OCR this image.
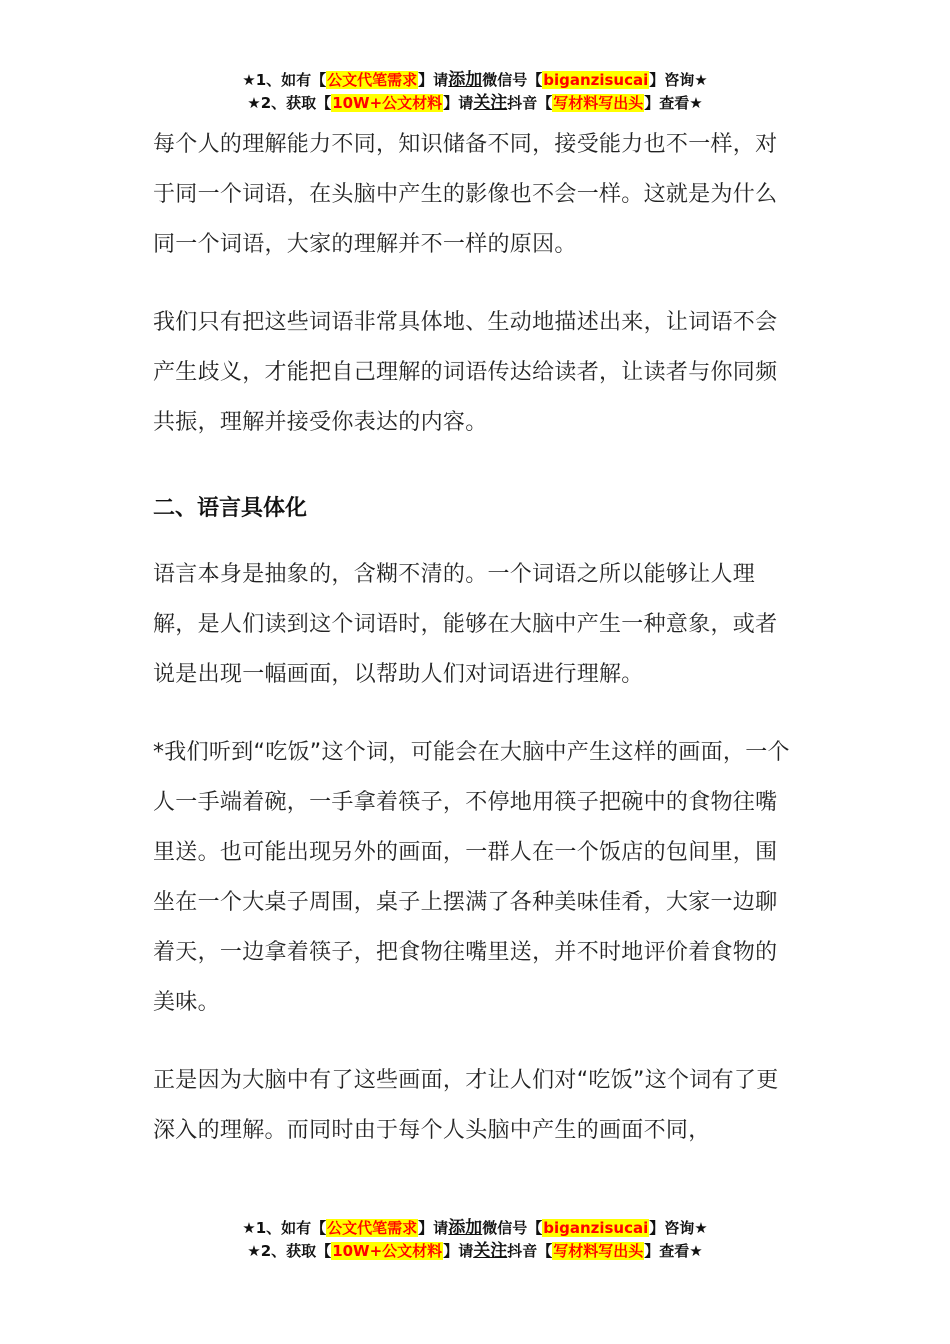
★1、如有【公文代笔需求】请添加微信号【biganzisucai】咨询★
★2、获取【10W+公文材料】请关注抖音【写材料写出头】查看★

每个人的理解能力不同，知识储备不同，接受能力也不一样，对于同一个词语，在头脑中产生的影像也不会一样。这就是为什么同一个词语，大家的理解并不一样的原因。

我们只有把这些词语非常具体地、生动地描述出来，让词语不会产生歧义，才能把自己理解的词语传达给读者，让读者与你同频共振，理解并接受你表达的内容。

二、语言具体化

语言本身是抽象的，含糊不清的。一个词语之所以能够让人理解，是人们读到这个词语时，能够在大脑中产生一种意象，或者说是出现一幅画面，以帮助人们对词语进行理解。

*我们听到“吃饭”这个词，可能会在大脑中产生这样的画面，一个人一手端着碗，一手拿着筷子，不停地用筷子把碗中的食物往嘴里送。也可能出现另外的画面，一群人在一个饭店的包间里，围坐在一个大桌子周围，桌子上摆满了各种美味佳肴，大家一边聊着天，一边拿着筷子，把食物往嘴里送，并不时地评价着食物的美味。

正是因为大脑中有了这些画面，才让人们对“吃饭”这个词有了更深入的理解。而同时由于每个人头脑中产生的画面不同，

★1、如有【公文代笔需求】请添加微信号【biganzisucai】咨询★
★2、获取【10W+公文材料】请关注抖音【写材料写出头】查看★
